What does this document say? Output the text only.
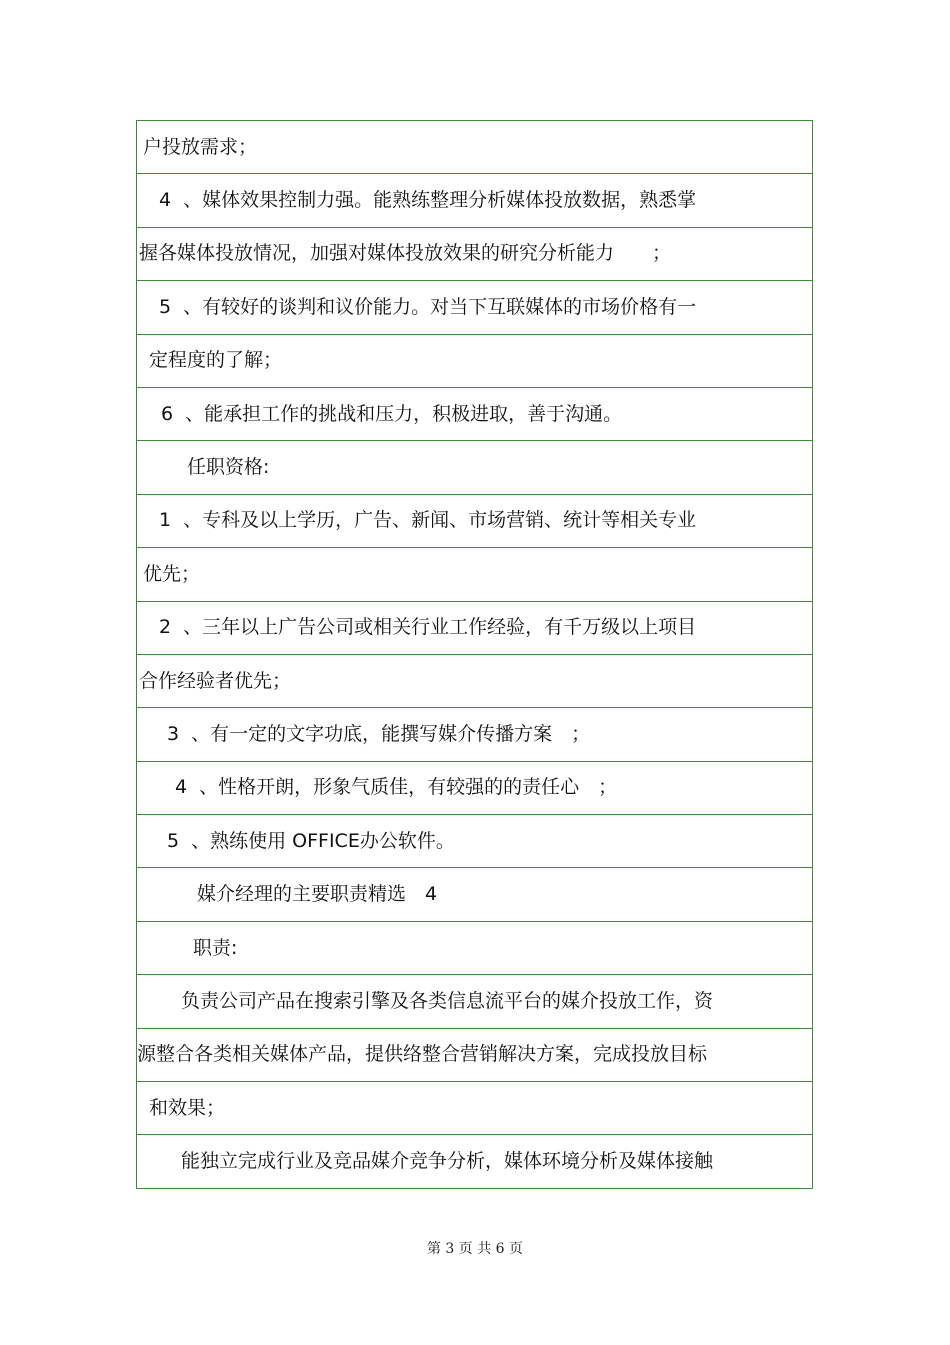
户投放需求；
4 、媒体效果控制力强。能熟练整理分析媒体投放数据，熟悉掌
握各媒体投放情况，加强对媒体投放效果的研究分析能力　　；
5 、有较好的谈判和议价能力。对当下互联媒体的市场价格有一
定程度的了解；
6 、能承担工作的挑战和压力，积极进取，善于沟通。
任职资格:
1 、专科及以上学历，广告、新闻、市场营销、统计等相关专业
优先；
2 、三年以上广告公司或相关行业工作经验，有千万级以上项目
合作经验者优先；
3 、有一定的文字功底，能撰写媒介传播方案　；
4 、性格开朗，形象气质佳，有较强的的责任心　；
5 、熟练使用 OFFICE办公软件。
媒介经理的主要职责精选　4
职责:
负责公司产品在搜索引擎及各类信息流平台的媒介投放工作，资
源整合各类相关媒体产品，提供络整合营销解决方案，完成投放目标
和效果；
能独立完成行业及竞品媒介竞争分析，媒体环境分析及媒体接触
第 3 页 共 6 页
